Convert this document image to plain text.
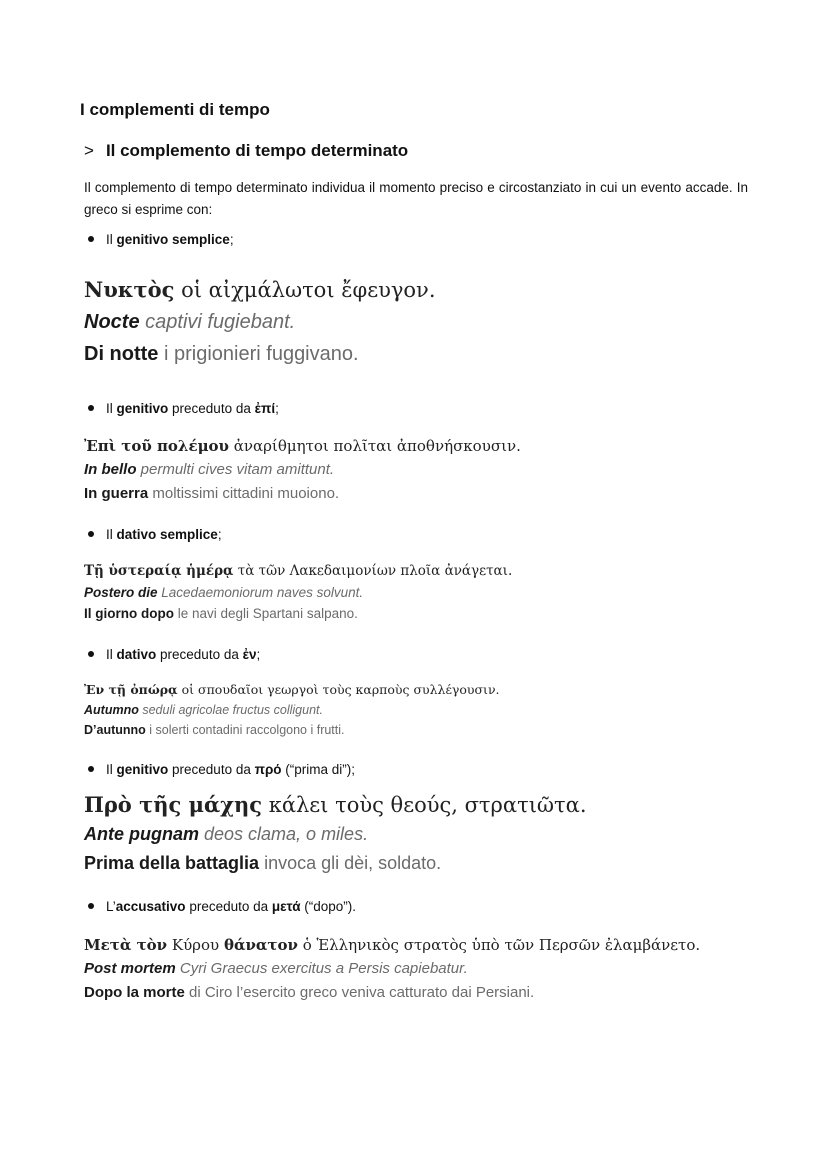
I complementi di tempo
> Il complemento di tempo determinato
Il complemento di tempo determinato individua il momento preciso e circostanziato in cui un evento accade. In greco si esprime con:
Il genitivo semplice;
Νυκτὸς οἱ αἰχμάλωτοι ἔφευγον.
Nocte captivi fugiebant.
Di notte i prigionieri fuggivano.
Il genitivo preceduto da ἐπί;
Ἐπὶ τοῦ πολέμου ἀναρίθμητοι πολῖται ἀποθνήσκουσιν.
In bello permulti cives vitam amittunt.
In guerra moltissimi cittadini muoiono.
Il dativo semplice;
Τῇ ὑστεραίᾳ ἡμέρᾳ τὰ τῶν Λακεδαιμονίων πλοῖα ἀνάγεται.
Postero die Lacedaemoniorum naves solvunt.
Il giorno dopo le navi degli Spartani salpano.
Il dativo preceduto da ἐν;
Ἐν τῇ ὀπώρᾳ οἱ σπουδαῖοι γεωργοὶ τοὺς καρποὺς συλλέγουσιν.
Autumno seduli agricolae fructus colligunt.
D’autunno i solerti contadini raccolgono i frutti.
Il genitivo preceduto da πρό (“prima di”);
Πρὸ τῆς μάχης κάλει τοὺς θεούς, στρατιῶτα.
Ante pugnam deos clama, o miles.
Prima della battaglia invoca gli dèi, soldato.
L’accusativo preceduto da μετά (“dopo”).
Μετὰ τὸν Κύρου θάνατον ὁ Ἑλληνικὸς στρατὸς ὑπὸ τῶν Περσῶν ἐλαμβάνετο.
Post mortem Cyri Graecus exercitus a Persis capiebatur.
Dopo la morte di Ciro l’esercito greco veniva catturato dai Persiani.
